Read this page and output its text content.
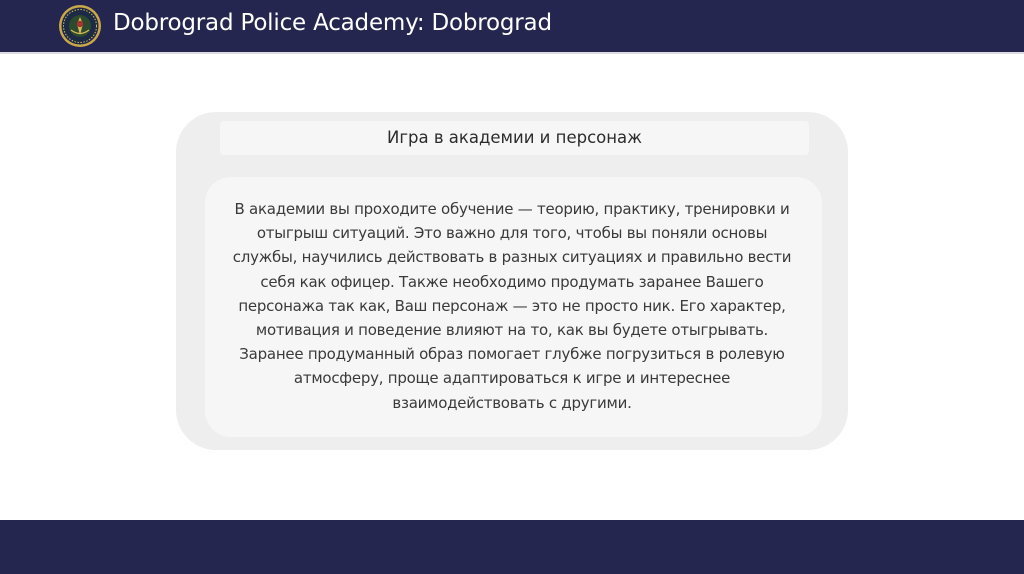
Dobrograd Police Academy: Dobrograd
Игра в академии и персонаж
В академии вы проходите обучение — теорию, практику, тренировки и отыгрыш ситуаций. Это важно для того, чтобы вы поняли основы службы, научились действовать в разных ситуациях и правильно вести себя как офицер. Также необходимо продумать заранее Вашего персонажа так как, Ваш персонаж — это не просто ник. Его характер, мотивация и поведение влияют на то, как вы будете отыгрывать. Заранее продуманный образ помогает глубже погрузиться в ролевую атмосферу, проще адаптироваться к игре и интереснее взаимодействовать с другими.
